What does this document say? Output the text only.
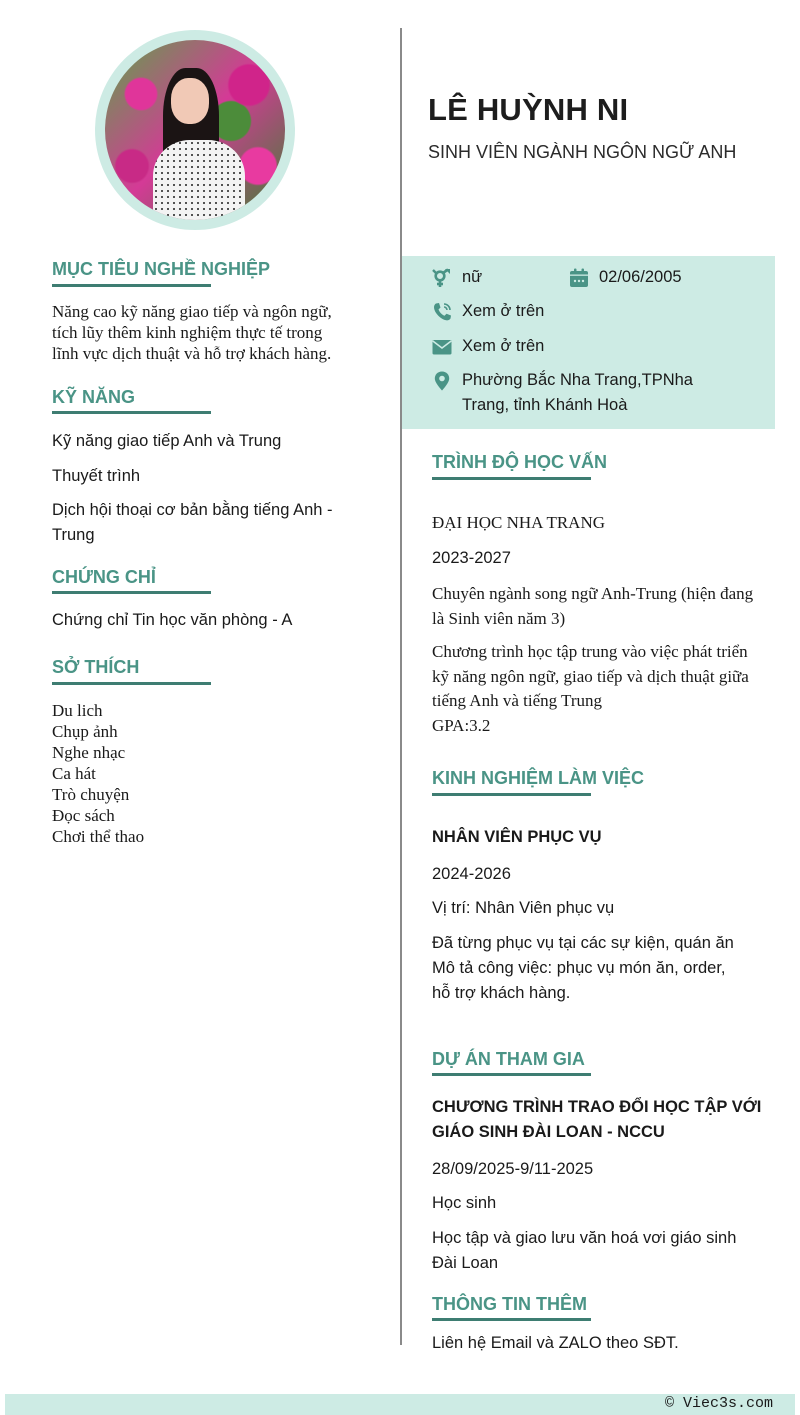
LÊ HUỲNH NI
SINH VIÊN NGÀNH NGÔN NGỮ ANH
nữ	02/06/2005
Xem ở trên
Xem ở trên
Phường Bắc Nha Trang,TPNha
Trang, tỉnh Khánh Hoà
MỤC TIÊU NGHỀ NGHIỆP
Năng cao kỹ năng giao tiếp và ngôn ngữ,
tích lũy thêm kinh nghiệm thực tế trong
lĩnh vực dịch thuật và hỗ trợ khách hàng.
KỸ NĂNG
Kỹ năng giao tiếp Anh và Trung
Thuyết trình
Dịch hội thoại cơ bản bằng tiếng Anh -
Trung
CHỨNG CHỈ
Chứng chỉ Tin học văn phòng - A
SỞ THÍCH
Du lich
Chụp ảnh
Nghe nhạc
Ca hát
Trò chuyện
Đọc sách
Chơi thể thao
TRÌNH ĐỘ HỌC VẤN
ĐẠI HỌC NHA TRANG
2023-2027
Chuyên ngành song ngữ Anh-Trung (hiện đang
là Sinh viên năm 3)
Chương trình học tập trung vào việc phát triển
kỹ năng ngôn ngữ, giao tiếp và dịch thuật giữa
tiếng Anh và tiếng Trung
GPA:3.2
KINH NGHIỆM LÀM VIỆC
NHÂN VIÊN PHỤC VỤ
2024-2026
Vị trí: Nhân Viên phục vụ
Đã từng phục vụ tại các sự kiện, quán ăn
Mô tả công việc: phục vụ món ăn, order,
hỗ trợ khách hàng.
DỰ ÁN THAM GIA
CHƯƠNG TRÌNH TRAO ĐỔI HỌC TẬP VỚI
GIÁO SINH ĐÀI LOAN - NCCU
28/09/2025-9/11-2025
Học sinh
Học tập và giao lưu văn hoá vơi giáo sinh
Đài Loan
THÔNG TIN THÊM
Liên hệ Email và ZALO theo SĐT.
© Viec3s.com
